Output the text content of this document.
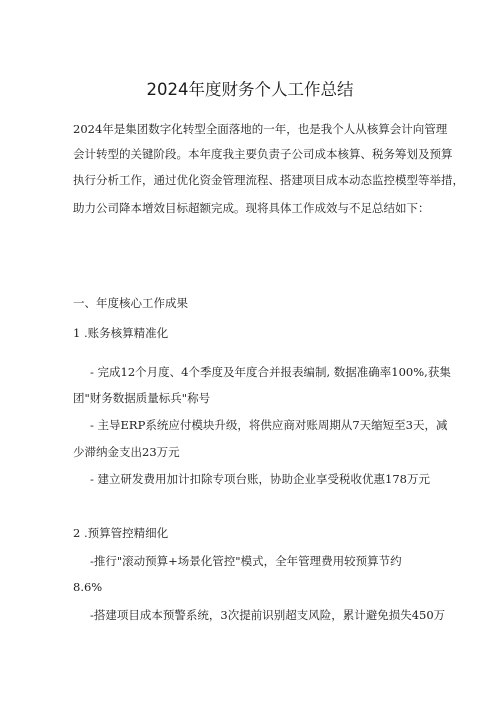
2024年度财务个人工作总结
2024年是集团数字化转型全面落地的一年，也是我个人从核算会计向管理
会计转型的关键阶段。本年度我主要负责子公司成本核算、税务筹划及预算
执行分析工作，通过优化资金管理流程、搭建项目成本动态监控模型等举措，
助力公司降本增效目标超额完成。现将具体工作成效与不足总结如下：
一、年度核心工作成果
1 .账务核算精准化
- 完成12个月度、4个季度及年度合并报表编制, 数据准确率100%,获集
团"财务数据质量标兵"称号
- 主导ERP系统应付模块升级，将供应商对账周期从7天缩短至3天，减
少滞纳金支出23万元
- 建立研发费用加计扣除专项台账，协助企业享受税收优惠178万元
2 .预算管控精细化
-推行"滚动预算+场景化管控"模式，全年管理费用较预算节约
8.6%
-搭建项目成本预警系统，3次提前识别超支风险，累计避免损失450万
